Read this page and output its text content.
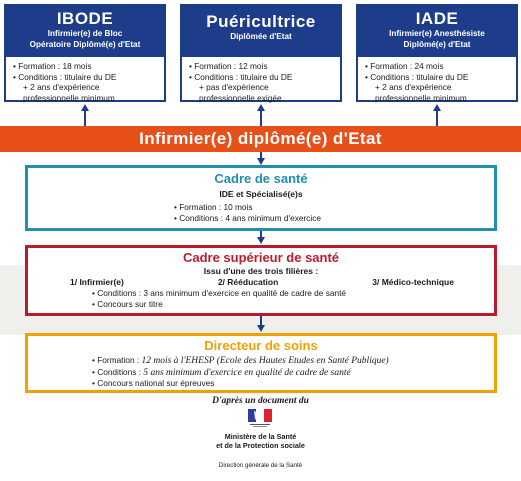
IBODE
Infirmier(e) de Bloc
Opératoire Diplômé(e) d'Etat
• Formation : 18 mois
• Conditions : titulaire du DE
+ 2 ans d'expérience
professionnelle minimum
Puéricultrice
Diplômée d'Etat
• Formation : 12 mois
• Conditions : titulaire du DE
+ pas d'expérience
professionnelle exigée
IADE
Infirmier(e) Anesthésiste
Diplômé(e) d'Etat
• Formation : 24 mois
• Conditions : titulaire du DE
+ 2 ans d'expérience
professionnelle minimum
Infirmier(e) diplômé(e) d'Etat
Cadre de santé
IDE et Spécialisé(e)s
• Formation : 10 mois
• Conditions : 4 ans minimum d'exercice
Cadre supérieur de santé
Issu d'une des trois filières :
1/ Infirmier(e)	2/ Rééducation	3/ Médico-technique
• Conditions : 3 ans minimum d'exercice en qualité de cadre de santé
• Concours sur titre
Directeur de soins
• Formation : 12 mois à l'EHESP (Ecole des Hautes Etudes en Santé Publique)
• Conditions : 5 ans minimum d'exercice en qualité de cadre de santé
• Concours national sur épreuves
D'après un document du
Ministère de la Santé
et de la Protection sociale
Direction générale de la Santé
